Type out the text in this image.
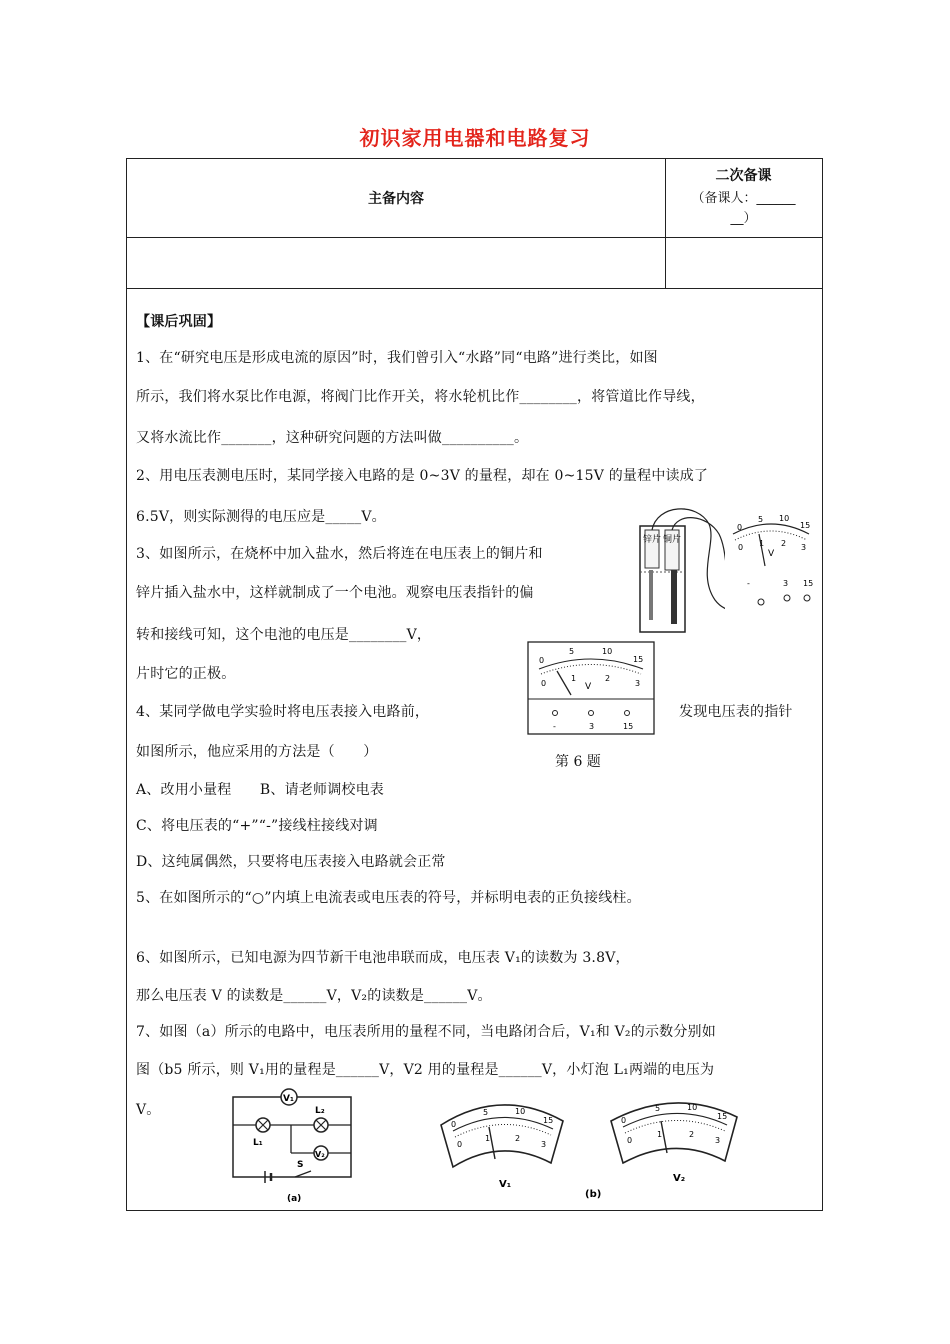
初识家用电器和电路复习
主备内容
二次备课
（备课人：______
__）
【课后巩固】
1、在“研究电压是形成电流的原因”时，我们曾引入“水路”同“电路”进行类比，如图
所示，我们将水泵比作电源，将阀门比作开关，将水轮机比作________，将管道比作导线，
又将水流比作_______，这种研究问题的方法叫做__________。
2、用电压表测电压时，某同学接入电路的是 0~3V 的量程，却在 0~15V 的量程中读成了
6.5V，则实际测得的电压应是_____V。
3、如图所示，在烧杯中加入盐水，然后将连在电压表上的铜片和
锌片插入盐水中，这样就制成了一个电池。观察电压表指针的偏
转和接线可知，这个电池的电压是________V，
片时它的正极。
4、某同学做电学实验时将电压表接入电路前，	发现电压表的指针
如图所示，他应采用的方法是（　　）
第 6 题
A、改用小量程　　B、请老师调校电表
C、将电压表的“+”“-”接线柱接线对调
D、这纯属偶然，只要将电压表接入电路就会正常
5、在如图所示的“○”内填上电流表或电压表的符号，并标明电表的正负接线柱。
6、如图所示，已知电源为四节新干电池串联而成，电压表 V₁的读数为 3.8V，
那么电压表 V 的读数是______V，V₂的读数是______V。
7、如图（a）所示的电路中，电压表所用的量程不同，当电路闭合后，V₁和 V₂的示数分别如
图（b5 所示，则 V₁用的量程是______V，V2 用的量程是______V，小灯泡 L₁两端的电压为
V。
锌片 铜片
0
5 10
15
0 1 2 3
V
-	3 15
0
5	10
15
0
1	2
3
V
-	3	15
V₁
L₁
L₂
V₂
S
(a)
0
5	10
15
0
1	2
3
V₁
0
5	10
15
0
1	2
3
V₂
(b)
